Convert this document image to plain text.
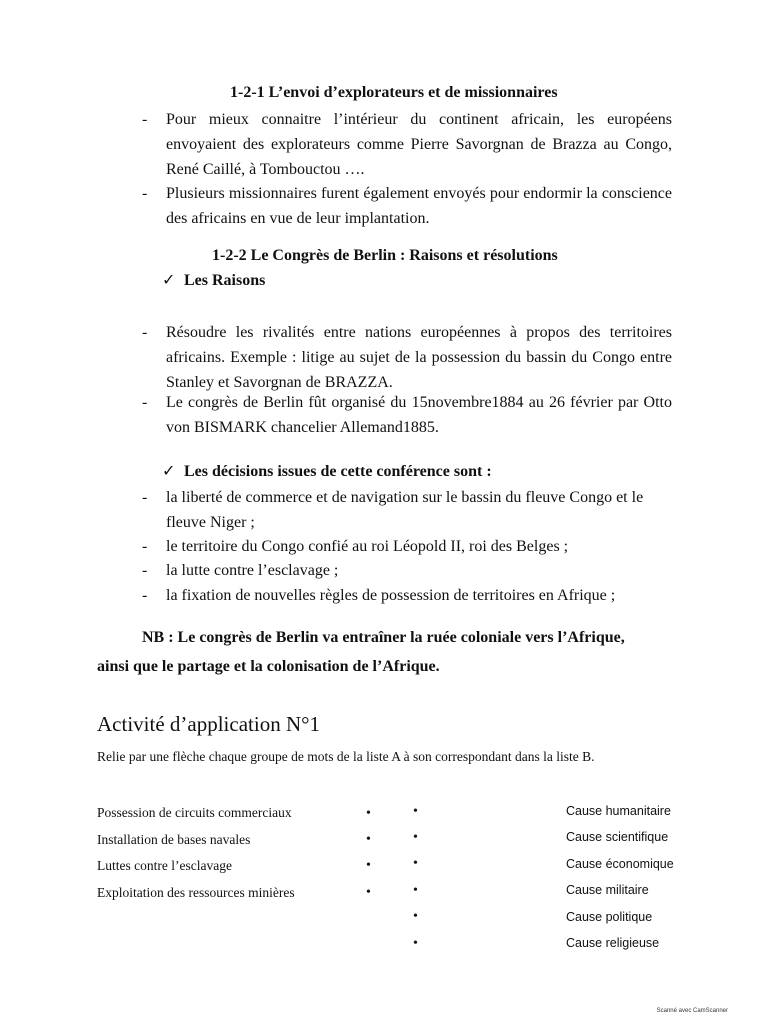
1-2-1 L’envoi d’explorateurs et de missionnaires
- Pour mieux connaitre l’intérieur du continent africain, les européens envoyaient des explorateurs comme Pierre Savorgnan de Brazza au Congo, René Caillé, à Tombouctou ….
- Plusieurs missionnaires furent également envoyés pour endormir la conscience des africains en vue de leur implantation.
1-2-2 Le Congrès de Berlin : Raisons et résolutions
✓ Les Raisons
- Résoudre les rivalités entre nations européennes à propos des territoires africains. Exemple : litige au sujet de la possession du bassin du Congo entre Stanley et Savorgnan de BRAZZA.
- Le congrès de Berlin fût organisé du 15novembre1884 au 26 février par Otto von BISMARK chancelier Allemand1885.
✓ Les décisions issues de cette conférence sont :
- la liberté de commerce et de navigation sur le bassin du fleuve Congo et le fleuve Niger ;
- le territoire du Congo confié au roi Léopold II, roi des Belges ;
- la lutte contre l’esclavage ;
- la fixation de nouvelles règles de possession de territoires en Afrique ;
NB : Le congrès de Berlin va entraîner la ruée coloniale vers l’Afrique,
ainsi que le partage et la colonisation de l’Afrique.
Activité d’application N°1
Relie par une flèche chaque groupe de mots de la liste A à son correspondant dans la liste B.
Possession de circuits commerciaux
Installation de bases navales
Luttes contre l’esclavage
Exploitation des ressources minières
•
•
•
•
•
•
•
•
•
•
Cause humanitaire
Cause scientifique
Cause économique
Cause militaire
Cause politique
Cause religieuse
Scanné avec CamScanner
